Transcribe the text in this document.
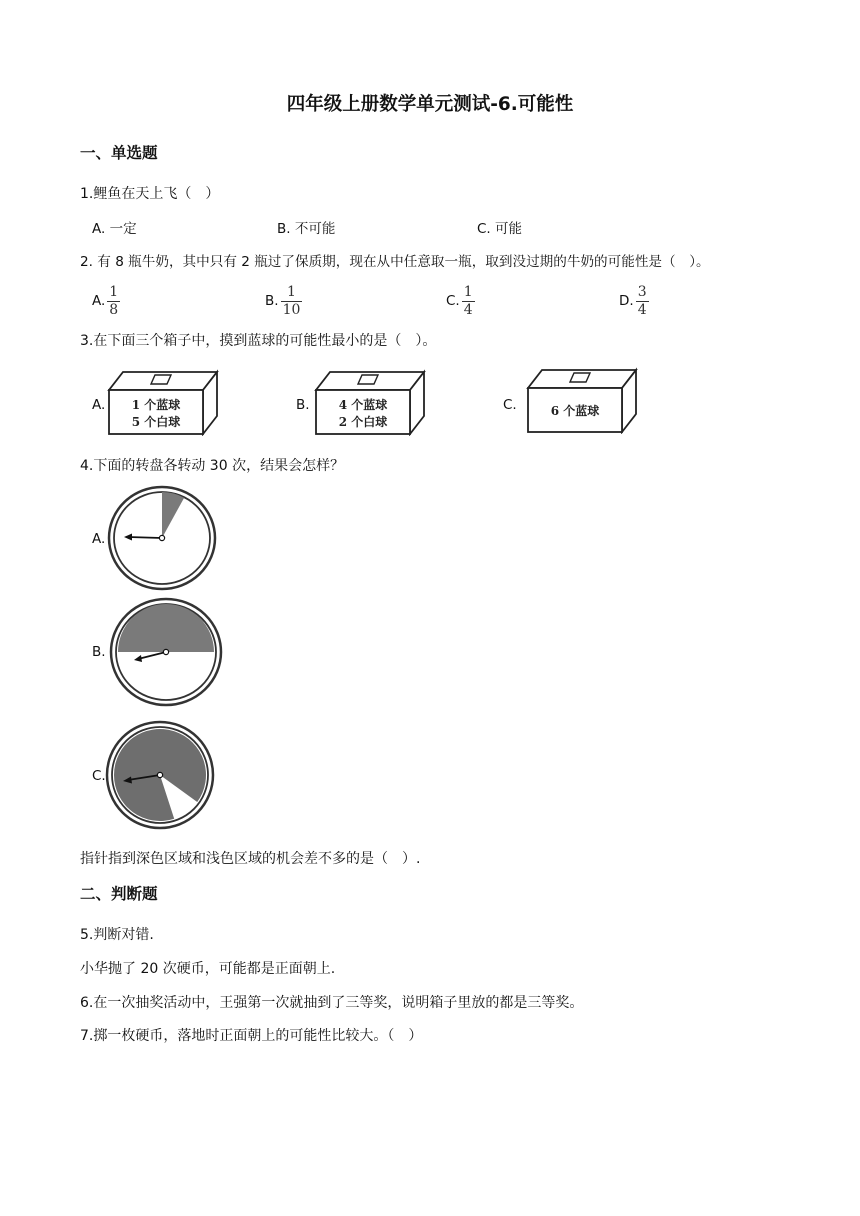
四年级上册数学单元测试-6.可能性
一、单选题
1.鲤鱼在天上飞（　）
A. 一定	B. 不可能	C. 可能
2. 有 8 瓶牛奶，其中只有 2 瓶过了保质期，现在从中任意取一瓶，取到没过期的牛奶的可能性是（　）。
A. $\frac{1}{8}$	B. $\frac{1}{10}$	C. $\frac{1}{4}$	D. $\frac{3}{4}$
3.在下面三个箱子中，摸到蓝球的可能性最小的是（　）。
A. 1 个蓝球
5 个白球
B. 4 个蓝球
2 个白球
C.	6 个蓝球
4.下面的转盘各转动 30 次，结果会怎样？
A.
B.
C.
指针指到深色区域和浅色区域的机会差不多的是（　）.
二、判断题
5.判断对错.
小华抛了 20 次硬币，可能都是正面朝上.
6.在一次抽奖活动中，王强第一次就抽到了三等奖，说明箱子里放的都是三等奖。
7.掷一枚硬币，落地时正面朝上的可能性比较大。（　）
